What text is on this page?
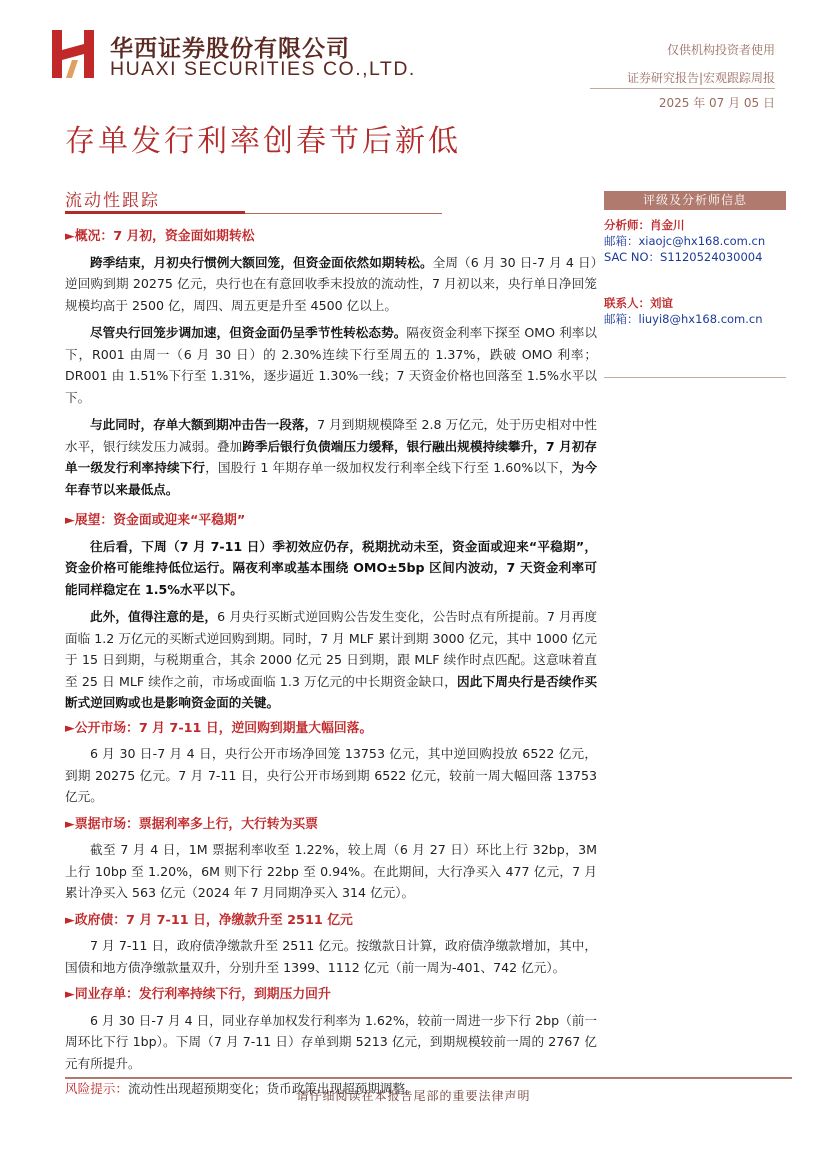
华西证券股份有限公司
HUAXI SECURITIES CO.,LTD.
仅供机构投资者使用
证券研究报告|宏观跟踪周报
2025 年 07 月 05 日
存单发行利率创春节后新低
流动性跟踪	评级及分析师信息
分析师：肖金川
邮箱：xiaojc@hx168.com.cn
SAC NO：S1120524030004
联系人：刘谊
邮箱：liuyi8@hx168.com.cn

►概况：7 月初，资金面如期转松

跨季结束，月初央行惯例大额回笼，但资金面依然如期转松。全周（6 月 30 日-7 月 4 日）逆回购到期 20275 亿元，央行也在有意回收季末投放的流动性，7 月初以来，央行单日净回笼规模均高于 2500 亿，周四、周五更是升至 4500 亿以上。

尽管央行回笼步调加速，但资金面仍呈季节性转松态势。隔夜资金利率下探至 OMO 利率以下，R001 由周一（6 月 30 日）的 2.30%连续下行至周五的 1.37%，跌破 OMO 利率；DR001 由 1.51%下行至 1.31%，逐步逼近 1.30%一线；7 天资金价格也回落至 1.5%水平以下。

与此同时，存单大额到期冲击告一段落，7 月到期规模降至 2.8 万亿元，处于历史相对中性水平，银行续发压力减弱。叠加跨季后银行负债端压力缓释，银行融出规模持续攀升，7 月初存单一级发行利率持续下行，国股行 1 年期存单一级加权发行利率全线下行至 1.60%以下，为今年春节以来最低点。

►展望：资金面或迎来“平稳期”

往后看，下周（7 月 7-11 日）季初效应仍存，税期扰动未至，资金面或迎来“平稳期”，资金价格可能维持低位运行。隔夜利率或基本围绕 OMO±5bp 区间内波动，7 天资金利率可能同样稳定在 1.5%水平以下。

此外，值得注意的是，6 月央行买断式逆回购公告发生变化，公告时点有所提前。7 月再度面临 1.2 万亿元的买断式逆回购到期。同时，7 月 MLF 累计到期 3000 亿元，其中 1000 亿元于 15 日到期，与税期重合，其余 2000 亿元 25 日到期，跟 MLF 续作时点匹配。这意味着直至 25 日 MLF 续作之前，市场或面临 1.3 万亿元的中长期资金缺口，因此下周央行是否续作买断式逆回购或也是影响资金面的关键。

►公开市场：7 月 7-11 日，逆回购到期量大幅回落。

6 月 30 日-7 月 4 日，央行公开市场净回笼 13753 亿元，其中逆回购投放 6522 亿元，到期 20275 亿元。7 月 7-11 日，央行公开市场到期 6522 亿元，较前一周大幅回落 13753 亿元。

►票据市场：票据利率多上行，大行转为买票

截至 7 月 4 日，1M 票据利率收至 1.22%，较上周（6 月 27 日）环比上行 32bp，3M 上行 10bp 至 1.20%，6M 则下行 22bp 至 0.94%。在此期间，大行净买入 477 亿元，7 月累计净买入 563 亿元（2024 年 7 月同期净买入 314 亿元）。

►政府债：7 月 7-11 日，净缴款升至 2511 亿元

7 月 7-11 日，政府债净缴款升至 2511 亿元。按缴款日计算，政府债净缴款增加，其中，国债和地方债净缴款量双升，分别升至 1399、1112 亿元（前一周为-401、742 亿元）。

►同业存单：发行利率持续下行，到期压力回升

6 月 30 日-7 月 4 日，同业存单加权发行利率为 1.62%，较前一周进一步下行 2bp（前一周环比下行 1bp）。下周（7 月 7-11 日）存单到期 5213 亿元，到期规模较前一周的 2767 亿元有所提升。

风险提示：流动性出现超预期变化；货币政策出现超预期调整。

请仔细阅读在本报告尾部的重要法律声明
